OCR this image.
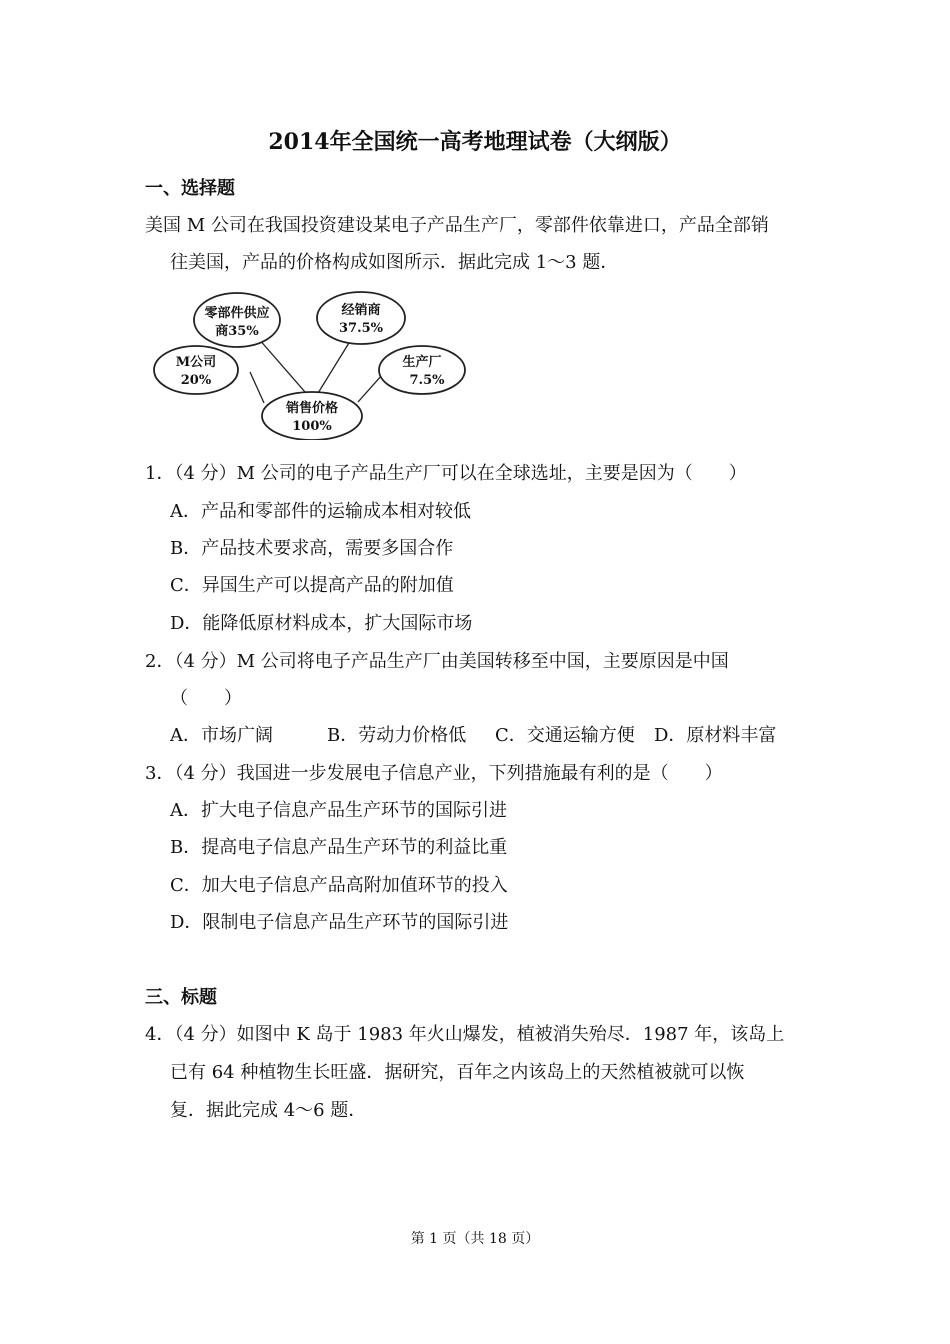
2014年全国统一高考地理试卷（大纲版）
一、选择题
美国 M 公司在我国投资建设某电子产品生产厂，零部件依靠进口，产品全部销
往美国，产品的价格构成如图所示．据此完成 1～3 题．
零部件供应
商35%
经销商
37.5%
M公司
20%
生产厂
7.5%
销售价格
100%
1．（4 分）M 公司的电子产品生产厂可以在全球选址，主要是因为（　　）
A．产品和零部件的运输成本相对较低
B．产品技术要求高，需要多国合作
C．异国生产可以提高产品的附加值
D．能降低原材料成本，扩大国际市场
2．（4 分）M 公司将电子产品生产厂由美国转移至中国，主要原因是中国
（　　）
A．市场广阔	B．劳动力价格低 C．交通运输方便 D．原材料丰富
3．（4 分）我国进一步发展电子信息产业，下列措施最有利的是（　　）
A．扩大电子信息产品生产环节的国际引进
B．提高电子信息产品生产环节的利益比重
C．加大电子信息产品高附加值环节的投入
D．限制电子信息产品生产环节的国际引进
三、标题
4．（4 分）如图中 K 岛于 1983 年火山爆发，植被消失殆尽．1987 年，该岛上
已有 64 种植物生长旺盛．据研究，百年之内该岛上的天然植被就可以恢
复．据此完成 4～6 题．
第 1 页（共 18 页）
